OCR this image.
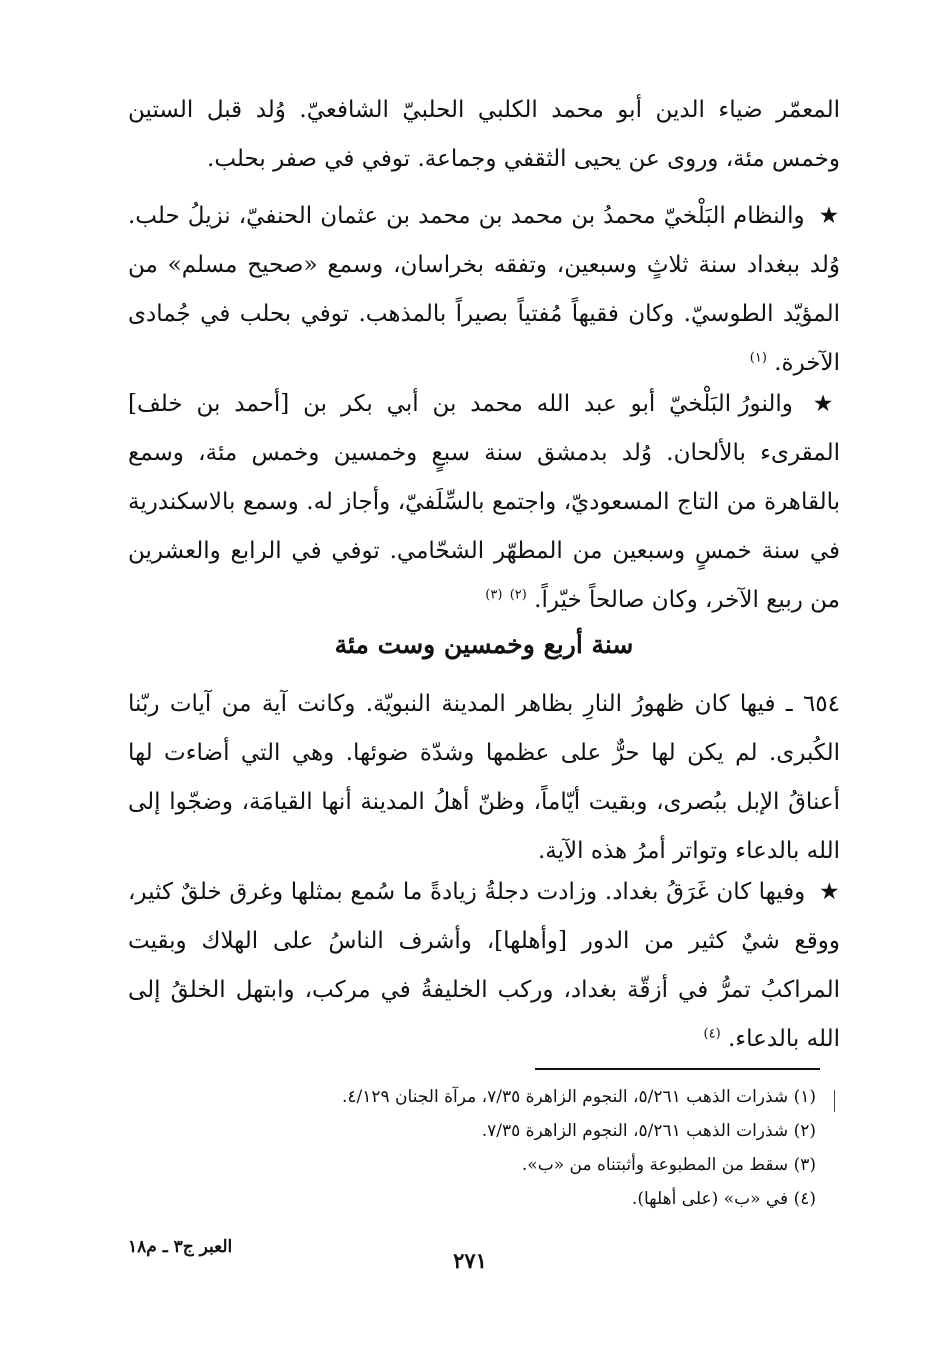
المعمّر ضياء الدين أبو محمد الكلبي الحلبيّ الشافعيّ. وُلد قبل الستين وخمس مئة، وروى عن يحيى الثقفي وجماعة. توفي في صفر بحلب.

★ والنظام البَلْخيّ محمدُ بن محمد بن محمد بن عثمان الحنفيّ، نزيلُ حلب. وُلد ببغداد سنة ثلاثٍ وسبعين، وتفقه بخراسان، وسمع «صحيح مسلم» من المؤيّد الطوسيّ. وكان فقيهاً مُفتياً بصيراً بالمذهب. توفي بحلب في جُمادى الآخرة. $^{(١)}$

★ والنورُ البَلْخيّ أبو عبد الله محمد بن أبي بكر بن [أحمد بن خلف] المقرىء بالألحان. وُلد بدمشق سنة سبعٍ وخمسين وخمس مئة، وسمع بالقاهرة من التاج المسعوديّ، واجتمع بالسِّلَفيّ، وأجاز له. وسمع بالاسكندرية في سنة خمسٍ وسبعين من المطهّر الشحّامي. توفي في الرابع والعشرين من ربيع الآخر، وكان صالحاً خيّراً. $^{(٢)}$ $^{(٣)}$

سنة أربع وخمسين وست مئة

٦٥٤ ـ فيها كان ظهورُ النارِ بظاهر المدينة النبويّة. وكانت آية من آيات ربّنا الكُبرى. لم يكن لها حرٌّ على عظمها وشدّة ضوئها. وهي التي أضاءت لها أعناقُ الإبل ببُصرى، وبقيت أيّاماً، وظنّ أهلُ المدينة أنها القيامَة، وضجّوا إلى الله بالدعاء وتواتر أمرُ هذه الآية.

★ وفيها كان غَرَقُ بغداد. وزادت دجلةُ زيادةً ما سُمع بمثلها وغرق خلقٌ كثير، ووقع شيٌ كثير من الدور [وأهلها]، وأشرف الناسُ على الهلاك وبقيت المراكبُ تمرُّ في أزقّة بغداد، وركب الخليفةُ في مركب، وابتهل الخلقُ إلى الله بالدعاء. $^{(٤)}$

(١) شذرات الذهب ٥/٢٦١، النجوم الزاهرة ٧/٣٥، مرآة الجنان ٤/١٢٩.
(٢) شذرات الذهب ٥/٢٦١، النجوم الزاهرة ٧/٣٥.
(٣) سقط من المطبوعة وأثبتناه من «ب».
(٤) في «ب» (على أهلها).
العبر ج٣ ـ م١٨
٢٧١
